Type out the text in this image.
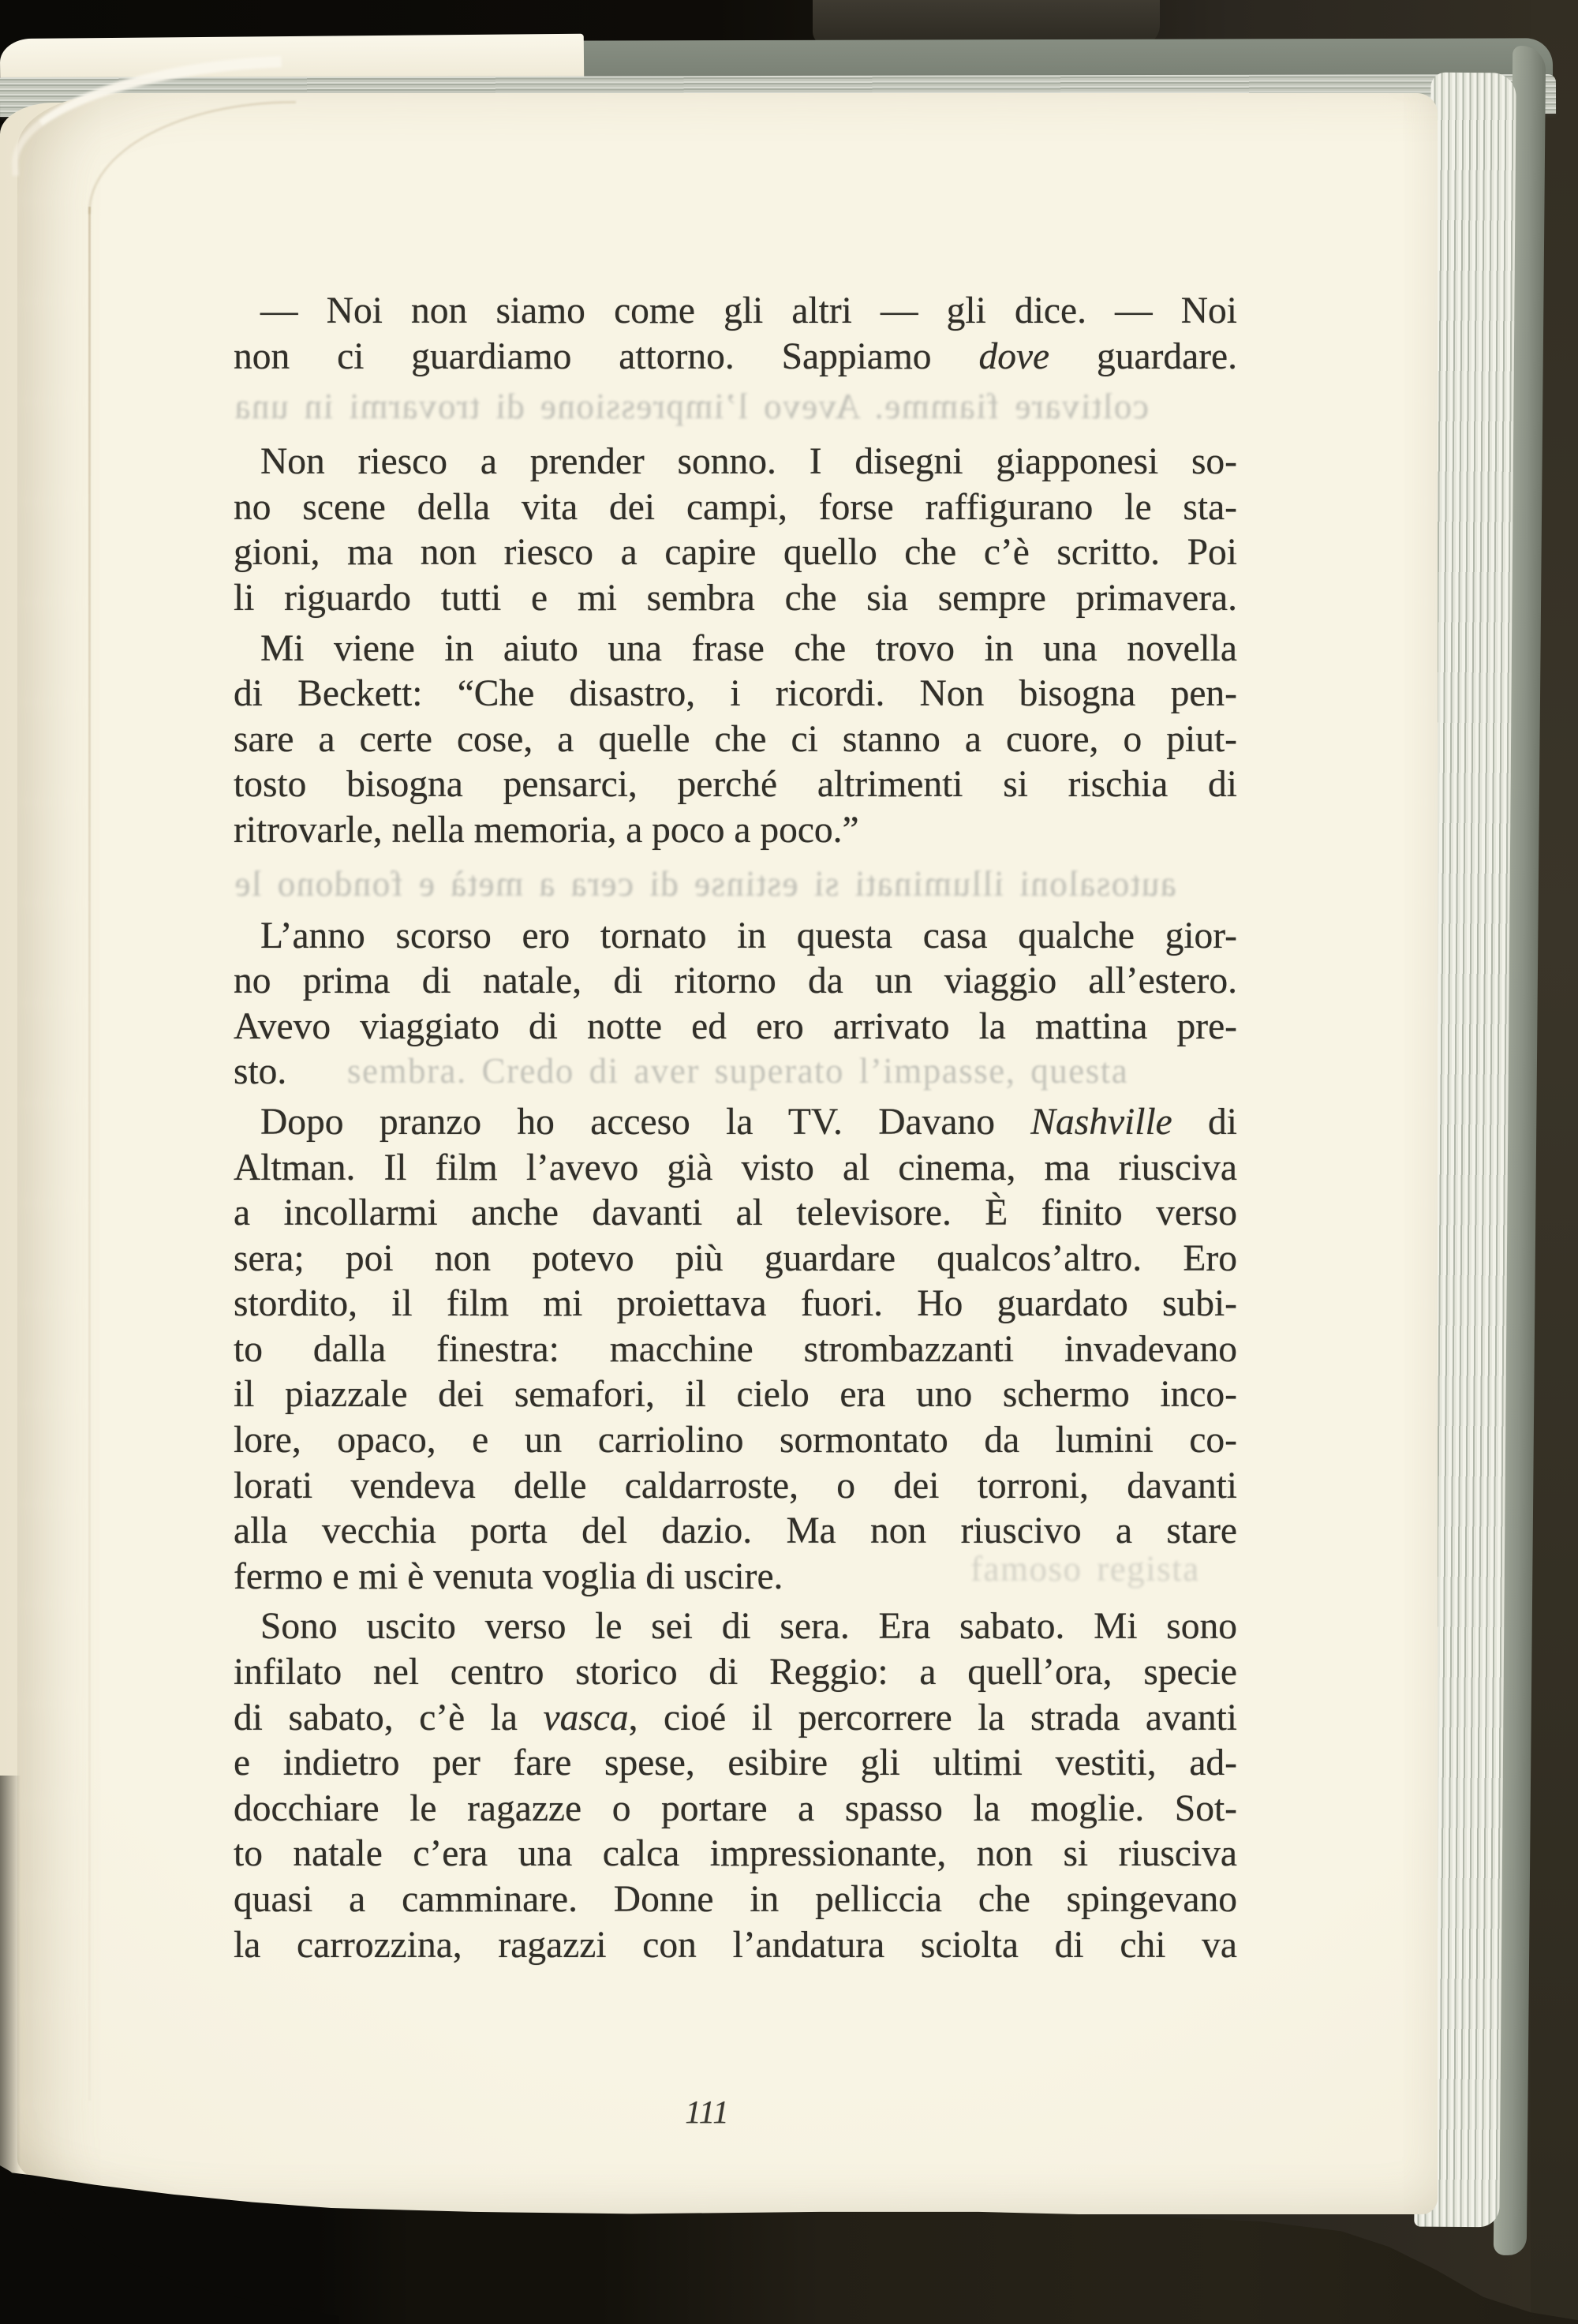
— Noi non siamo come gli altri — gli dice. — Noi
non ci guardiamo attorno. Sappiamo dove guardare.
Non riesco a prender sonno. I disegni giapponesi so-
no scene della vita dei campi, forse raffigurano le sta-
gioni, ma non riesco a capire quello che c’è scritto. Poi
li riguardo tutti e mi sembra che sia sempre primavera.
Mi viene in aiuto una frase che trovo in una novella
di Beckett: “Che disastro, i ricordi. Non bisogna pen-
sare a certe cose, a quelle che ci stanno a cuore, o piut-
tosto bisogna pensarci, perché altrimenti si rischia di
ritrovarle, nella memoria, a poco a poco.”
L’anno scorso ero tornato in questa casa qualche gior-
no prima di natale, di ritorno da un viaggio all’estero.
Avevo viaggiato di notte ed ero arrivato la mattina pre-
sto.
Dopo pranzo ho acceso la TV. Davano Nashville di
Altman. Il film l’avevo già visto al cinema, ma riusciva
a incollarmi anche davanti al televisore. È finito verso
sera; poi non potevo più guardare qualcos’altro. Ero
stordito, il film mi proiettava fuori. Ho guardato subi-
to dalla finestra: macchine strombazzanti invadevano
il piazzale dei semafori, il cielo era uno schermo inco-
lore, opaco, e un carriolino sormontato da lumini co-
lorati vendeva delle caldarroste, o dei torroni, davanti
alla vecchia porta del dazio. Ma non riuscivo a stare
fermo e mi è venuta voglia di uscire.
Sono uscito verso le sei di sera. Era sabato. Mi sono
infilato nel centro storico di Reggio: a quell’ora, specie
di sabato, c’è la vasca, cioé il percorrere la strada avanti
e indietro per fare spese, esibire gli ultimi vestiti, ad-
docchiare le ragazze o portare a spasso la moglie. Sot-
to natale c’era una calca impressionante, non si riusciva
quasi a camminare. Donne in pelliccia che spingevano
la carrozzina, ragazzi con l’andatura sciolta di chi va
111
coltivare fiamme. Avevo l’impressione di trovarmi in una
autosaloni illuminati si estinse di cera a metà e fondono le
sembra. Credo di aver superato l’impasse, questa
famoso regista
